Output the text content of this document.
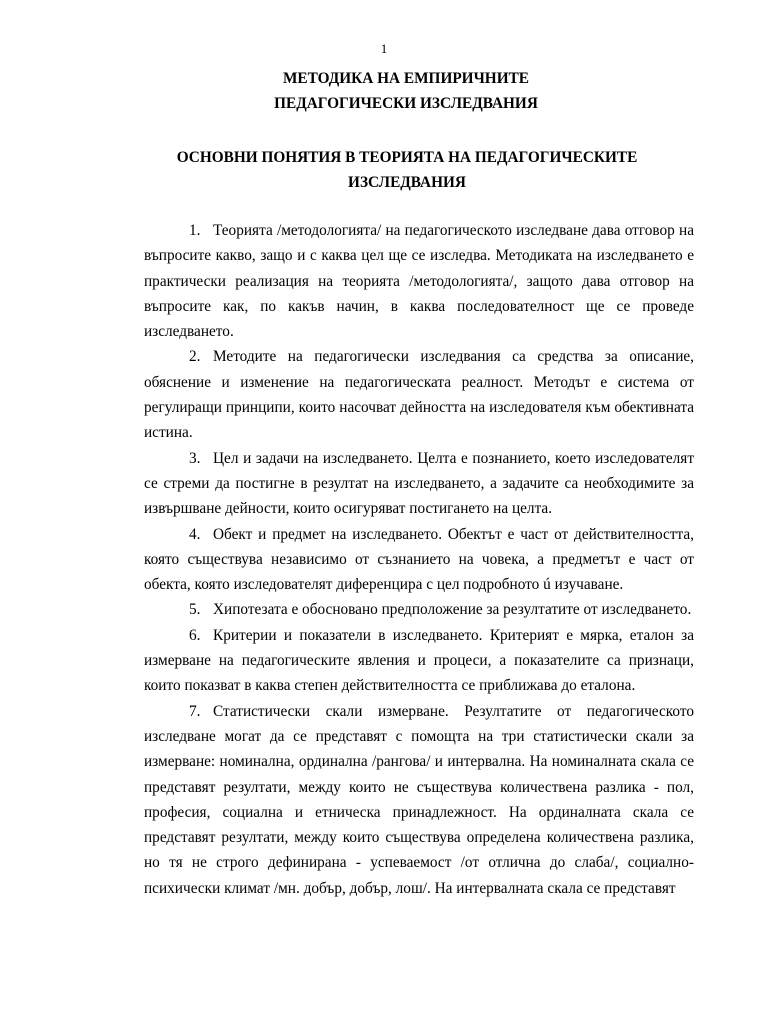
1
МЕТОДИКА НА ЕМПИРИЧНИТЕ
ПЕДАГОГИЧЕСКИ ИЗСЛЕДВАНИЯ
ОСНОВНИ ПОНЯТИЯ В ТЕОРИЯТА НА ПЕДАГОГИЧЕСКИТЕ
ИЗСЛЕДВАНИЯ

1. Теорията /методологията/ на педагогическото изследване дава отговор на въпросите какво, защо и с каква цел ще се изследва. Методиката на изследването е практически реализация на теорията /методологията/, защото дава отговор на въпросите как, по какъв начин, в каква последователност ще се проведе изследването.

2. Методите на педагогически изследвания са средства за описание, обяснение и изменение на педагогическата реалност. Методът е система от регулиращи принципи, които насочват дейността на изследователя към обективната истина.

3. Цел и задачи на изследването. Целта е познанието, което изследователят се стреми да постигне в резултат на изследването, а задачите са необходимите за извършване дейности, които осигуряват постигането на целта.

4. Обект и предмет на изследването. Обектът е част от действителността, която съществува независимо от съзнанието на човека, а предметът е част от обекта, която изследователят диференцира с цел подробното ú изучаване.

5. Хипотезата е обосновано предположение за резултатите от изследването.

6. Критерии и показатели в изследването. Критерият е мярка, еталон за измерване на педагогическите явления и процеси, а показателите са признаци, които показват в каква степен действителността се приближава до еталона.

7. Статистически скали измерване. Резултатите от педагогическото изследване могат да се представят с помощта на три статистически скали за измерване: номинална, ординална /рангова/ и интервална. На номиналната скала се представят резултати, между които не съществува количествена разлика - пол, професия, социална и етническа принадлежност. На ординалната скала се представят резултати, между които съществува определена количествена разлика, но тя не строго дефинирана - успеваемост /от отлична до слаба/, социално-психически климат /мн. добър, добър, лош/. На интервалната скала се представят
